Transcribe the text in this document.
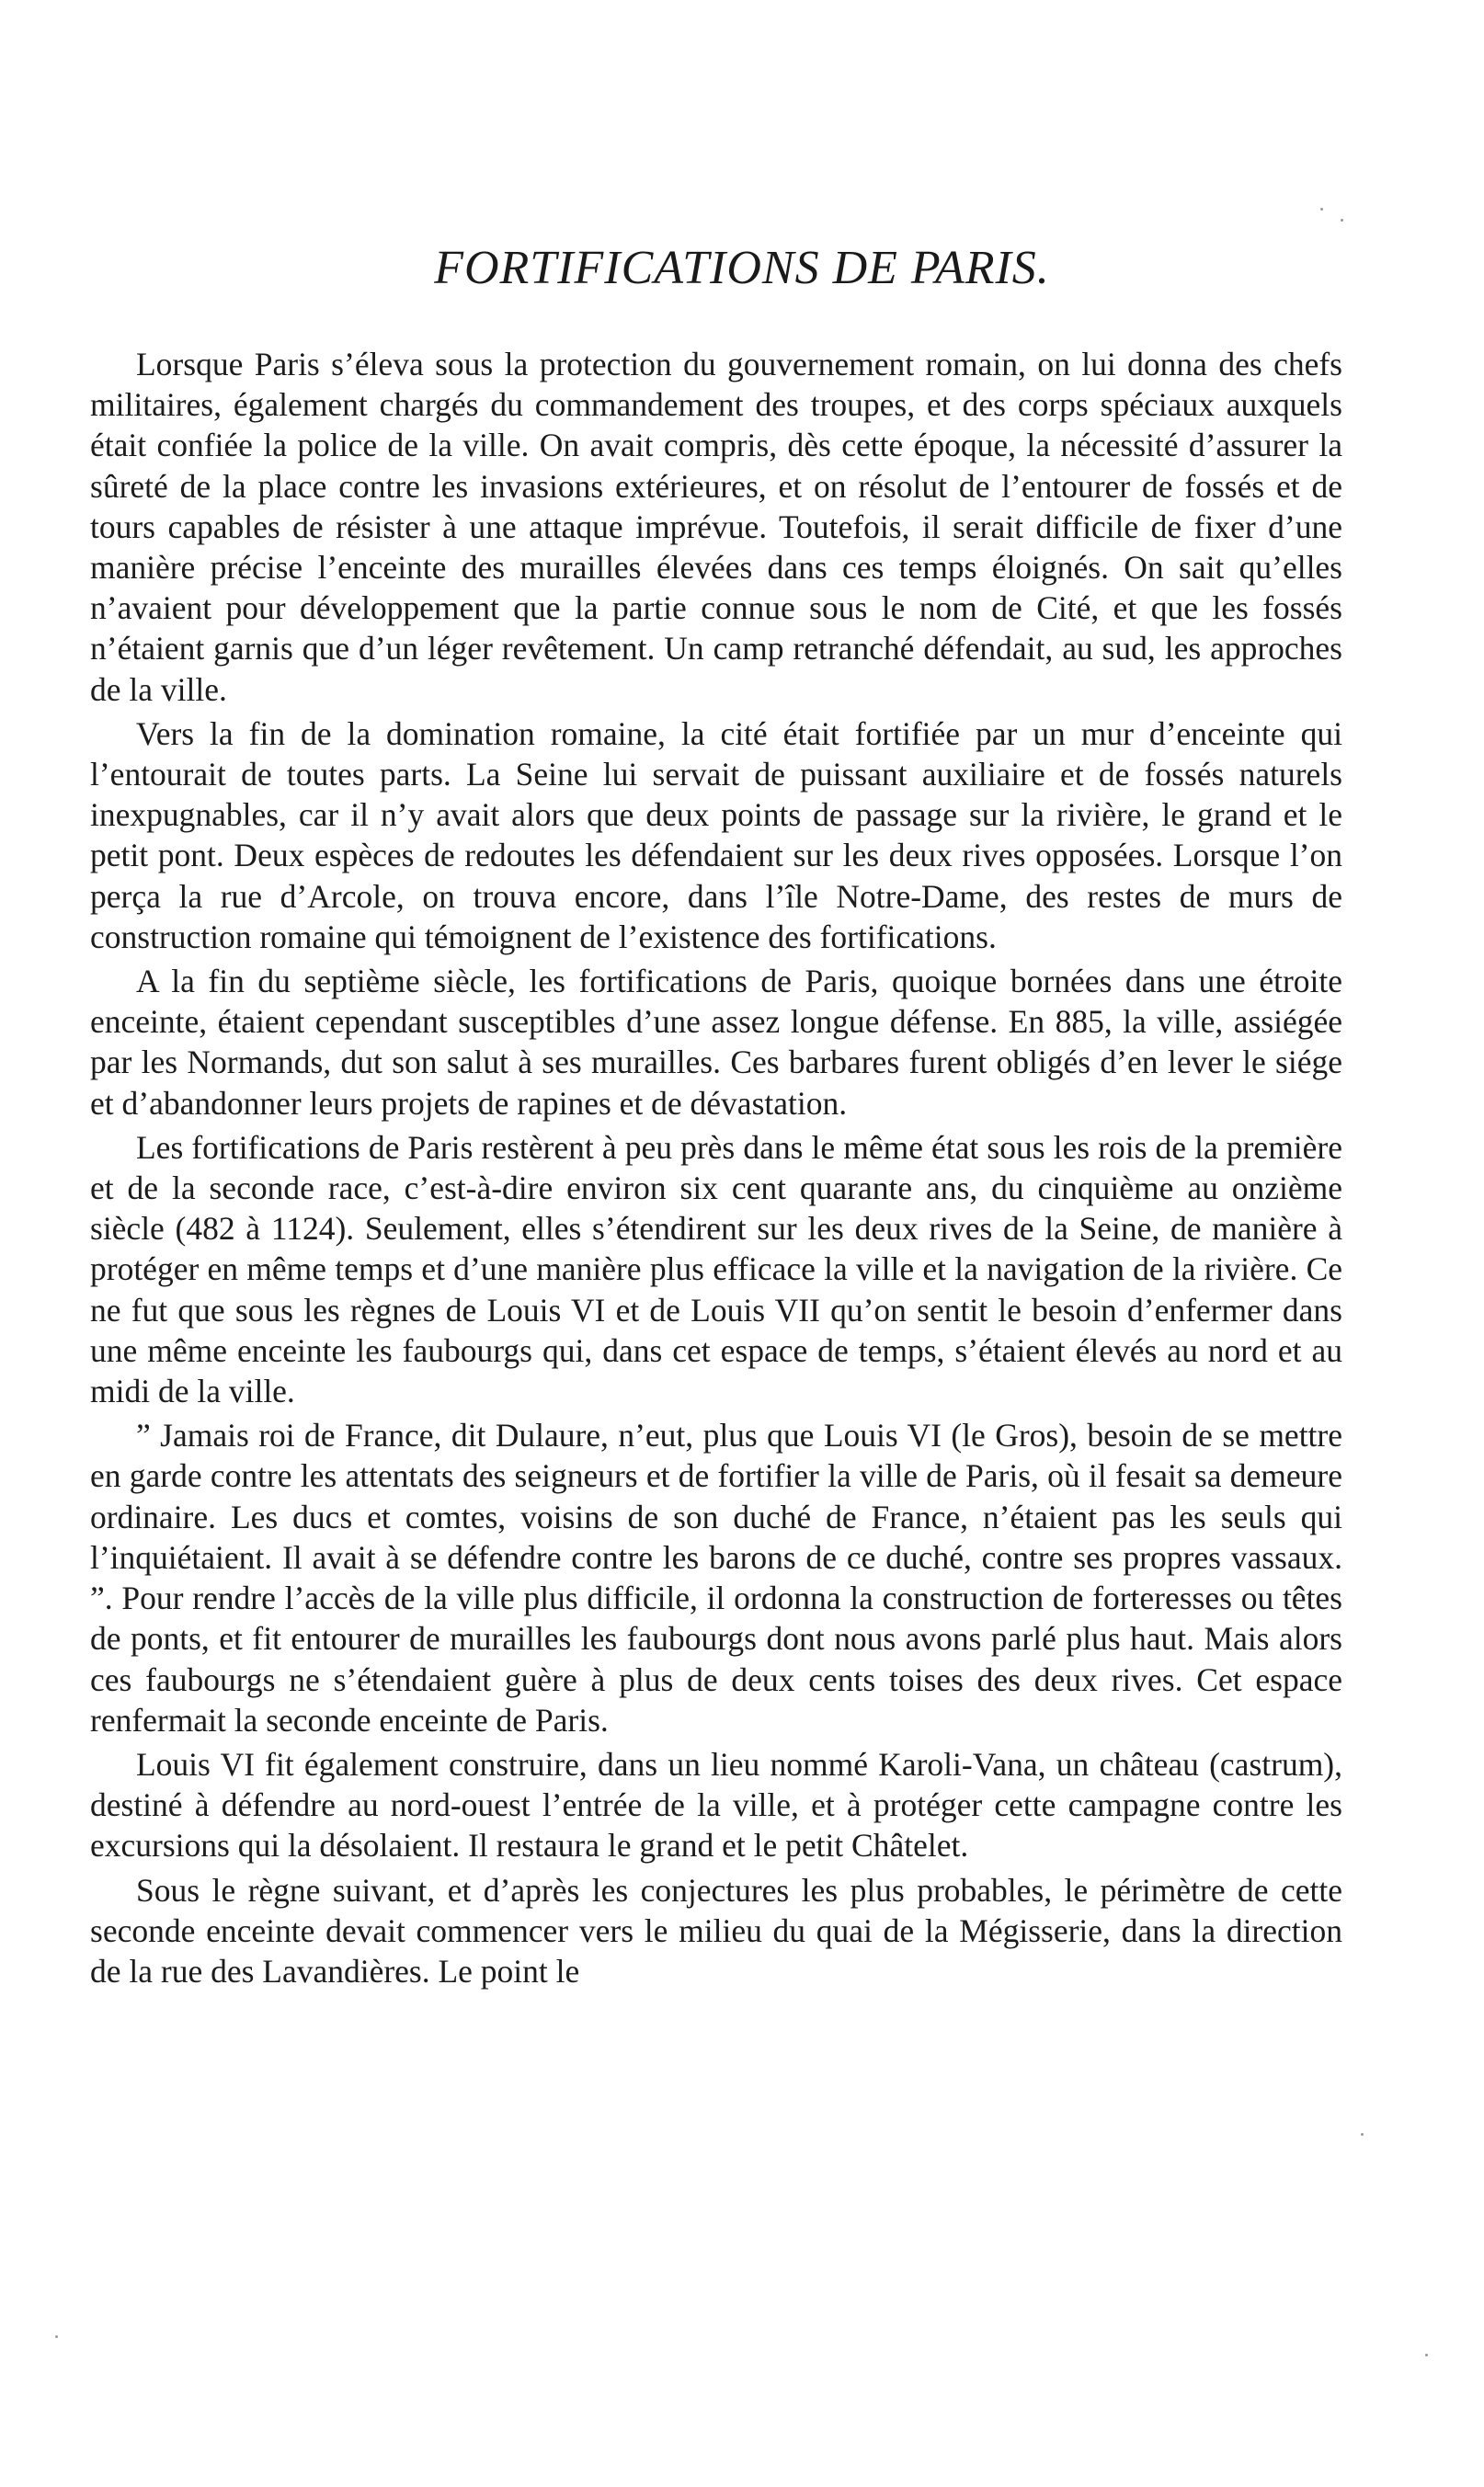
FORTIFICATIONS DE PARIS.

Lorsque Paris s’éleva sous la protection du gouvernement romain, on lui donna des chefs militaires, également chargés du commandement des troupes, et des corps spéciaux auxquels était confiée la police de la ville. On avait compris, dès cette époque, la nécessité d’assurer la sûreté de la place contre les invasions extérieures, et on résolut de l’entourer de fossés et de tours capables de résister à une attaque imprévue. Toutefois, il serait difficile de fixer d’une manière précise l’enceinte des murailles élevées dans ces temps éloignés. On sait qu’elles n’avaient pour développement que la partie connue sous le nom de Cité, et que les fossés n’étaient garnis que d’un léger revêtement. Un camp retranché défendait, au sud, les approches de la ville.

Vers la fin de la domination romaine, la cité était fortifiée par un mur d’enceinte qui l’entourait de toutes parts. La Seine lui servait de puissant auxiliaire et de fossés naturels inexpugnables, car il n’y avait alors que deux points de passage sur la rivière, le grand et le petit pont. Deux espèces de redoutes les défendaient sur les deux rives opposées. Lorsque l’on perça la rue d’Arcole, on trouva encore, dans l’île Notre-Dame, des restes de murs de construction romaine qui témoignent de l’existence des fortifications.

A la fin du septième siècle, les fortifications de Paris, quoique bornées dans une étroite enceinte, étaient cependant susceptibles d’une assez longue défense. En 885, la ville, assiégée par les Normands, dut son salut à ses murailles. Ces barbares furent obligés d’en lever le siége et d’abandonner leurs projets de rapines et de dévastation.

Les fortifications de Paris restèrent à peu près dans le même état sous les rois de la première et de la seconde race, c’est-à-dire environ six cent quarante ans, du cinquième au onzième siècle (482 à 1124). Seulement, elles s’étendirent sur les deux rives de la Seine, de manière à protéger en même temps et d’une manière plus efficace la ville et la navigation de la rivière. Ce ne fut que sous les règnes de Louis VI et de Louis VII qu’on sentit le besoin d’enfermer dans une même enceinte les faubourgs qui, dans cet espace de temps, s’étaient élevés au nord et au midi de la ville.

” Jamais roi de France, dit Dulaure, n’eut, plus que Louis VI (le Gros), besoin de se mettre en garde contre les attentats des seigneurs et de fortifier la ville de Paris, où il fesait sa demeure ordinaire. Les ducs et comtes, voisins de son duché de France, n’étaient pas les seuls qui l’inquiétaient. Il avait à se défendre contre les barons de ce duché, contre ses propres vassaux. ”. Pour rendre l’accès de la ville plus difficile, il ordonna la construction de forteresses ou têtes de ponts, et fit entourer de murailles les faubourgs dont nous avons parlé plus haut. Mais alors ces faubourgs ne s’étendaient guère à plus de deux cents toises des deux rives. Cet espace renfermait la seconde enceinte de Paris.

Louis VI fit également construire, dans un lieu nommé Karoli-Vana, un château (castrum), destiné à défendre au nord-ouest l’entrée de la ville, et à protéger cette campagne contre les excursions qui la désolaient. Il restaura le grand et le petit Châtelet.

Sous le règne suivant, et d’après les conjectures les plus probables, le périmètre de cette seconde enceinte devait commencer vers le milieu du quai de la Mégisserie, dans la direction de la rue des Lavandières. Le point le
